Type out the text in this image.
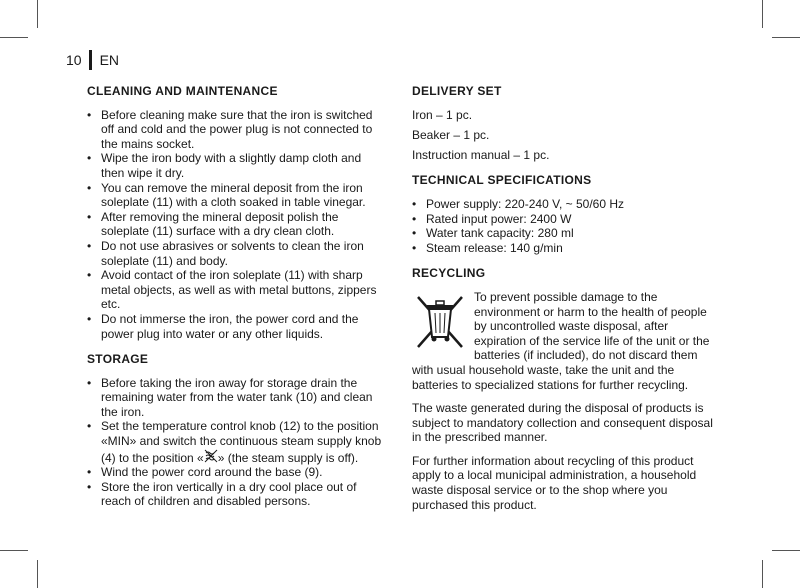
10 EN
CLEANING AND MAINTENANCE
• Before cleaning make sure that the iron is switched off and cold and the power plug is not connected to the mains socket.
• Wipe the iron body with a slightly damp cloth and then wipe it dry.
• You can remove the mineral deposit from the iron soleplate (11) with a cloth soaked in table vinegar.
• After removing the mineral deposit polish the soleplate (11) surface with a dry clean cloth.
• Do not use abrasives or solvents to clean the iron soleplate (11) and body.
• Avoid contact of the iron soleplate (11) with sharp metal objects, as well as with metal buttons, zippers etc.
• Do not immerse the iron, the power cord and the power plug into water or any other liquids.
STORAGE
• Before taking the iron away for storage drain the remaining water from the water tank (10) and clean the iron.
• Set the temperature control knob (12) to the position «MIN» and switch the continuous steam supply knob (4) to the position « » (the steam supply is off).
• Wind the power cord around the base (9).
• Store the iron vertically in a dry cool place out of reach of children and disabled persons.
DELIVERY SET
Iron – 1 pc.
Beaker – 1 pc.
Instruction manual – 1 pc.
TECHNICAL SPECIFICATIONS
• Power supply: 220-240 V, ~ 50/60 Hz
• Rated input power: 2400 W
• Water tank capacity: 280 ml
• Steam release: 140 g/min
RECYCLING
To prevent possible damage to the environment or harm to the health of people by uncontrolled waste disposal, after expiration of the service life of the unit or the batteries (if included), do not discard them with usual household waste, take the unit and the batteries to specialized stations for further recycling.
The waste generated during the disposal of products is subject to mandatory collection and consequent disposal in the prescribed manner.
For further information about recycling of this product apply to a local municipal administration, a household waste disposal service or to the shop where you purchased this product.
